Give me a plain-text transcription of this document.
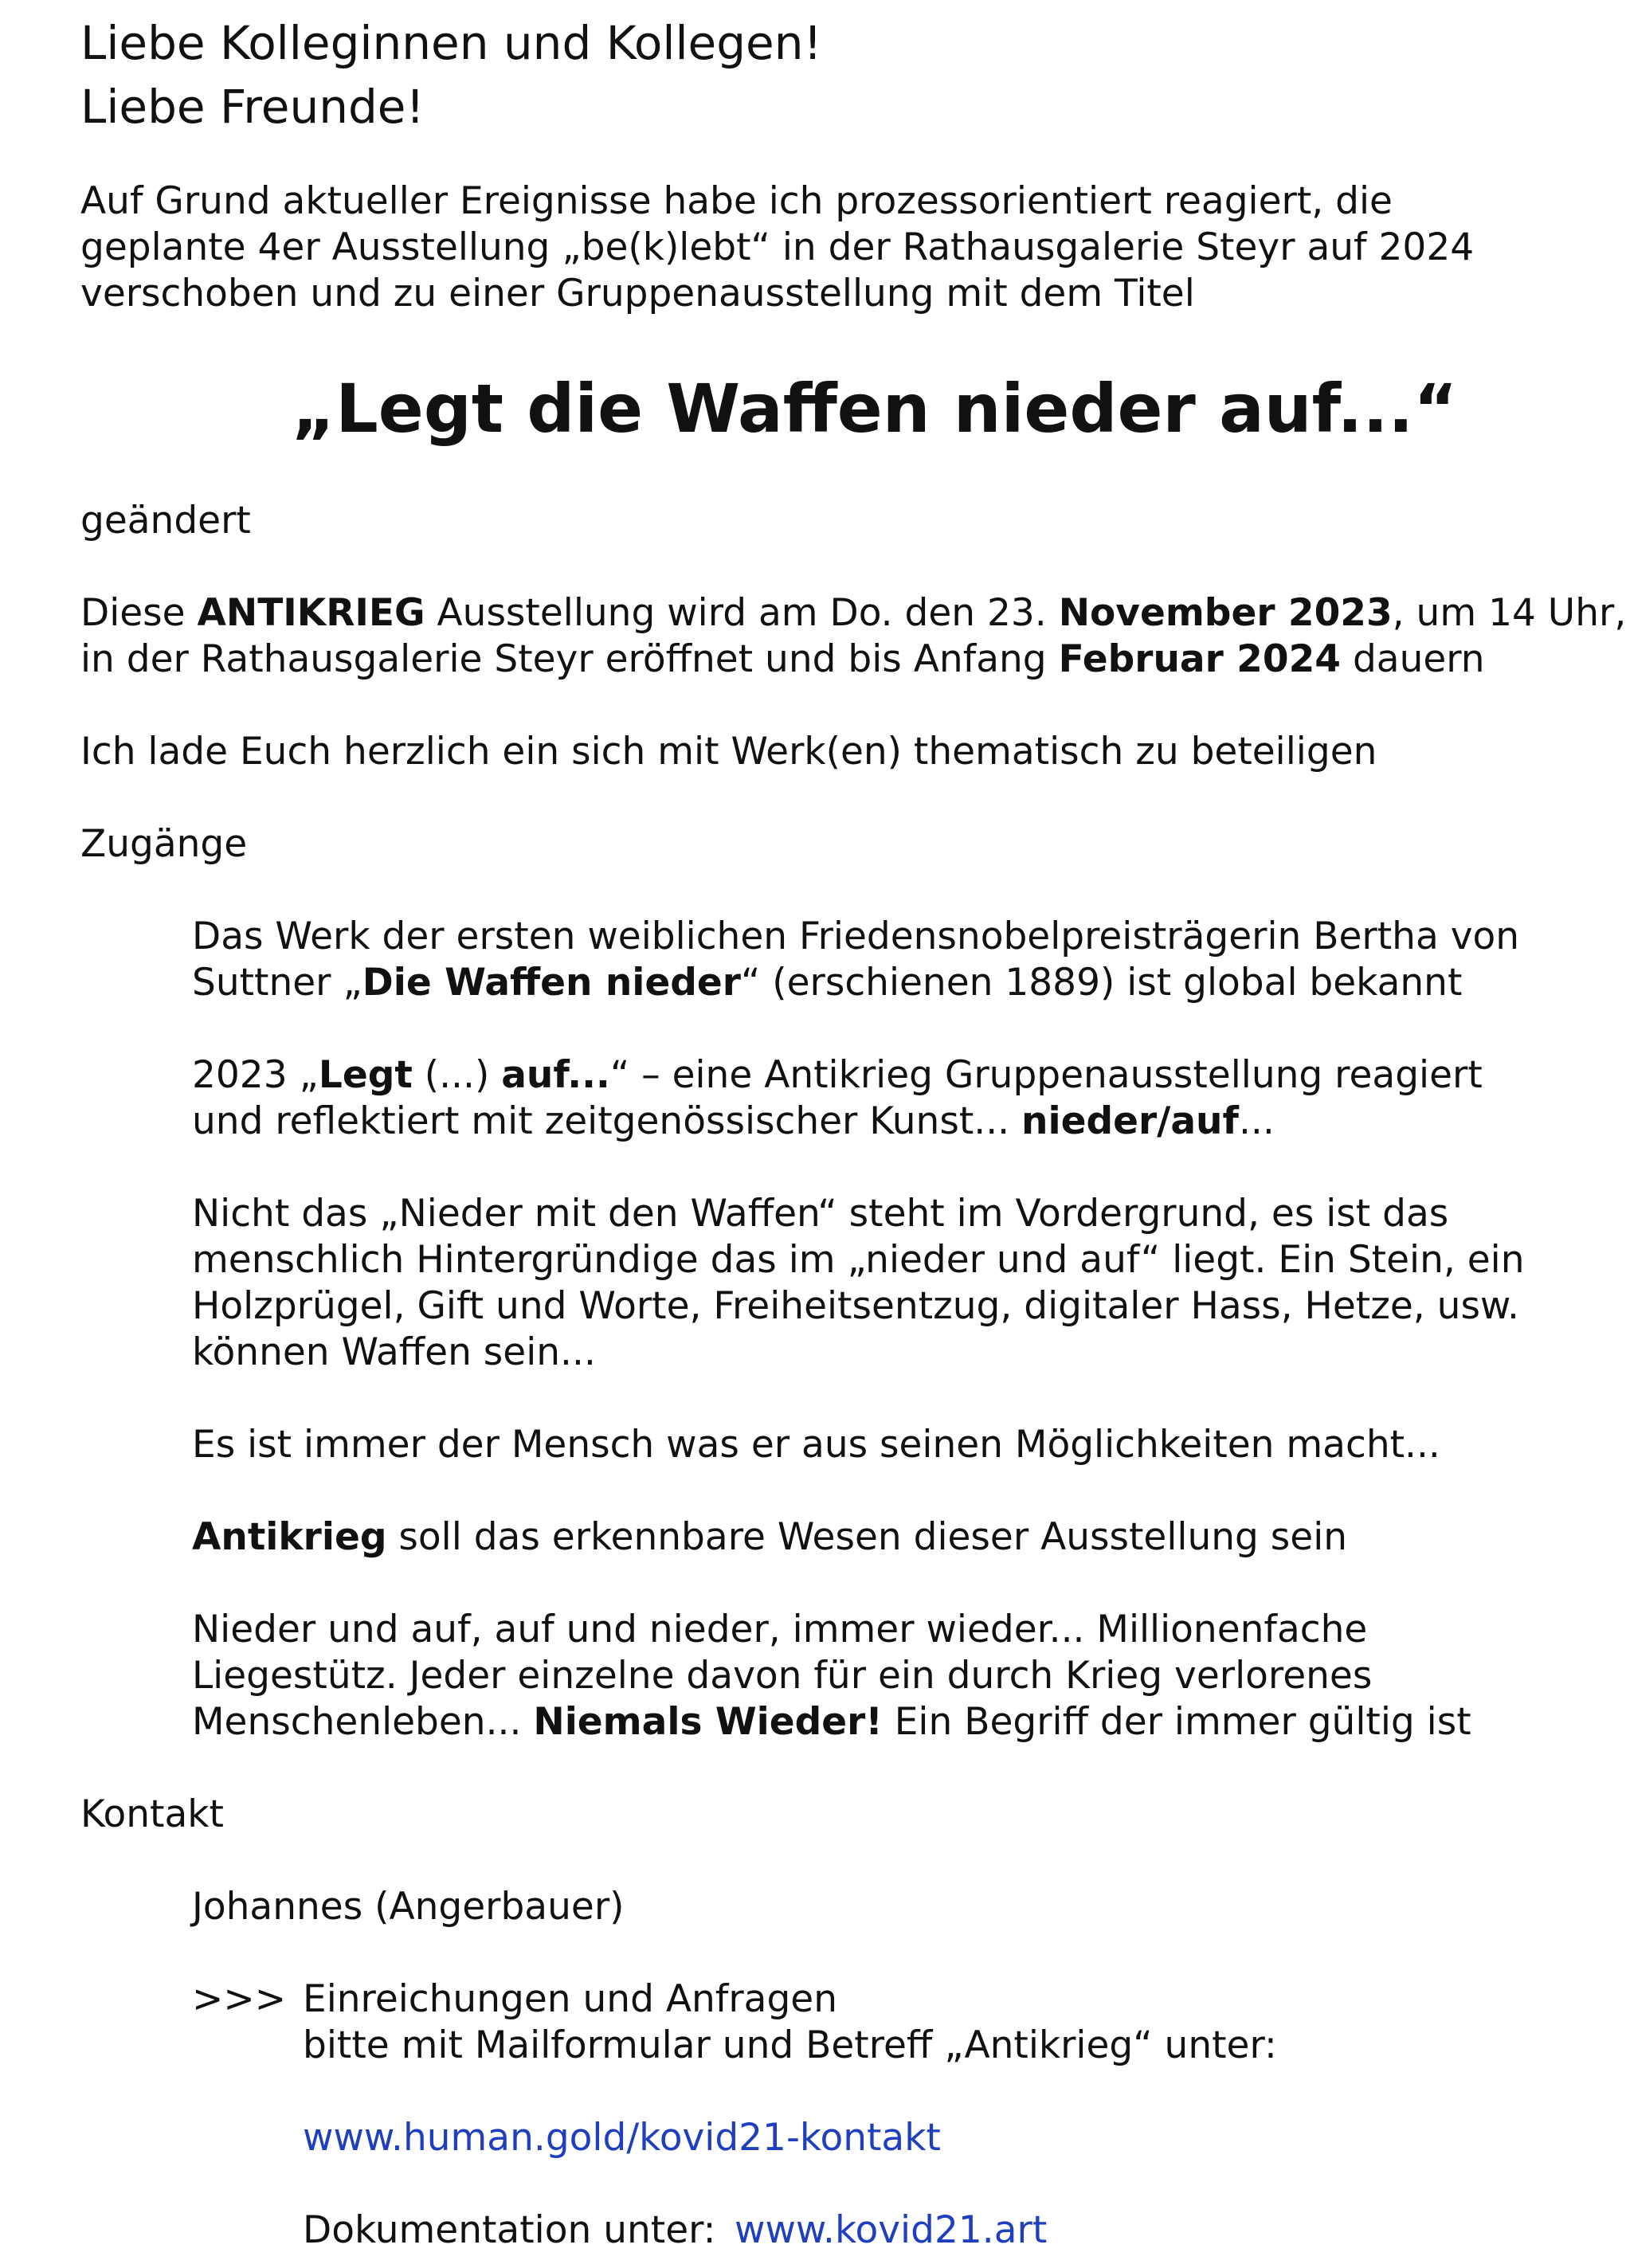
Liebe Kolleginnen und Kollegen!
Liebe Freunde!
Auf Grund aktueller Ereignisse habe ich prozessorientiert reagiert, die
geplante 4er Ausstellung „be(k)lebt“ in der Rathausgalerie Steyr auf 2024
verschoben und zu einer Gruppenausstellung mit dem Titel
„Legt die Waffen nieder auf...“
geändert
Diese ANTIKRIEG Ausstellung wird am Do. den 23. November 2023, um 14 Uhr,
in der Rathausgalerie Steyr eröffnet und bis Anfang Februar 2024 dauern
Ich lade Euch herzlich ein sich mit Werk(en) thematisch zu beteiligen
Zugänge
Das Werk der ersten weiblichen Friedensnobelpreisträgerin Bertha von
Suttner „Die Waffen nieder“ (erschienen 1889) ist global bekannt
2023 „Legt (...) auf...“ – eine Antikrieg Gruppenausstellung reagiert
und reflektiert mit zeitgenössischer Kunst... nieder/auf...
Nicht das „Nieder mit den Waffen“ steht im Vordergrund, es ist das
menschlich Hintergründige das im „nieder und auf“ liegt. Ein Stein, ein
Holzprügel, Gift und Worte, Freiheitsentzug, digitaler Hass, Hetze, usw.
können Waffen sein...
Es ist immer der Mensch was er aus seinen Möglichkeiten macht...
Antikrieg soll das erkennbare Wesen dieser Ausstellung sein
Nieder und auf, auf und nieder, immer wieder... Millionenfache
Liegestütz. Jeder einzelne davon für ein durch Krieg verlorenes
Menschenleben... Niemals Wieder! Ein Begriff der immer gültig ist
Kontakt
Johannes (Angerbauer)
>>> Einreichungen und Anfragen
bitte mit Mailformular und Betreff „Antikrieg“ unter:
www.human.gold/kovid21-kontakt
Dokumentation unter: www.kovid21.art
